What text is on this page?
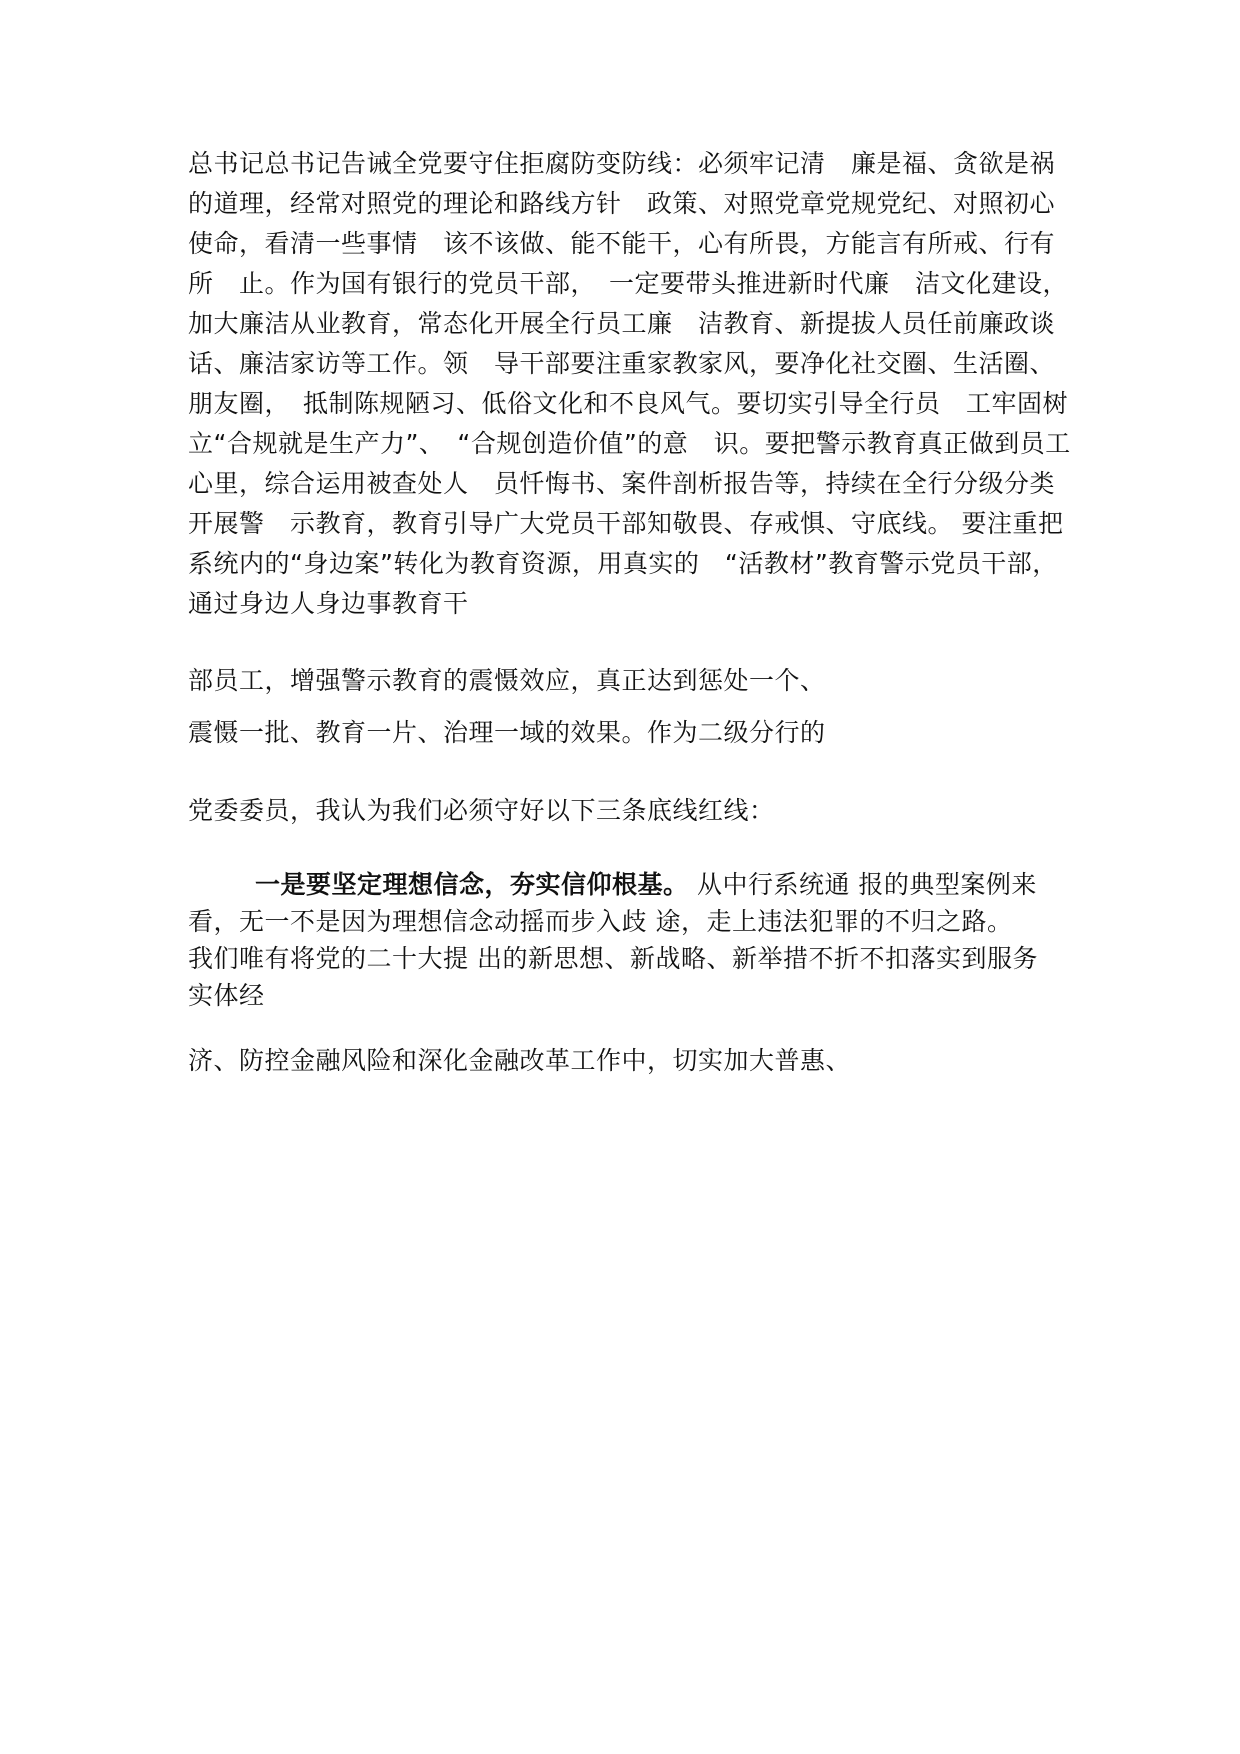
总书记总书记告诫全党要守住拒腐防变防线：必须牢记清　廉是福、贪欲是祸
的道理，经常对照党的理论和路线方针　政策、对照党章党规党纪、对照初心
使命，看清一些事情　该不该做、能不能干，心有所畏，方能言有所戒、行有
所　止。作为国有银行的党员干部，　一定要带头推进新时代廉　洁文化建设，
加大廉洁从业教育，常态化开展全行员工廉　洁教育、新提拔人员任前廉政谈
话、廉洁家访等工作。领　导干部要注重家教家风，要净化社交圈、生活圈、
朋友圈，　抵制陈规陋习、低俗文化和不良风气。要切实引导全行员　工牢固树
立“合规就是生产力”、　“合规创造价值”的意　识。要把警示教育真正做到员工
心里，综合运用被查处人　员忏悔书、案件剖析报告等，持续在全行分级分类
开展警　示教育，教育引导广大党员干部知敬畏、存戒惧、守底线。 要注重把
系统内的“身边案”转化为教育资源，用真实的　“活教材”教育警示党员干部，
通过身边人身边事教育干
部员工，增强警示教育的震慑效应，真正达到惩处一个、
震慑一批、教育一片、治理一域的效果。作为二级分行的
党委委员，我认为我们必须守好以下三条底线红线：
一是要坚定理想信念，夯实信仰根基。 从中行系统通 报的典型案例来
看，无一不是因为理想信念动摇而步入歧 途，走上违法犯罪的不归之路。
我们唯有将党的二十大提 出的新思想、新战略、新举措不折不扣落实到服务
实体经
济、防控金融风险和深化金融改革工作中，切实加大普惠、
